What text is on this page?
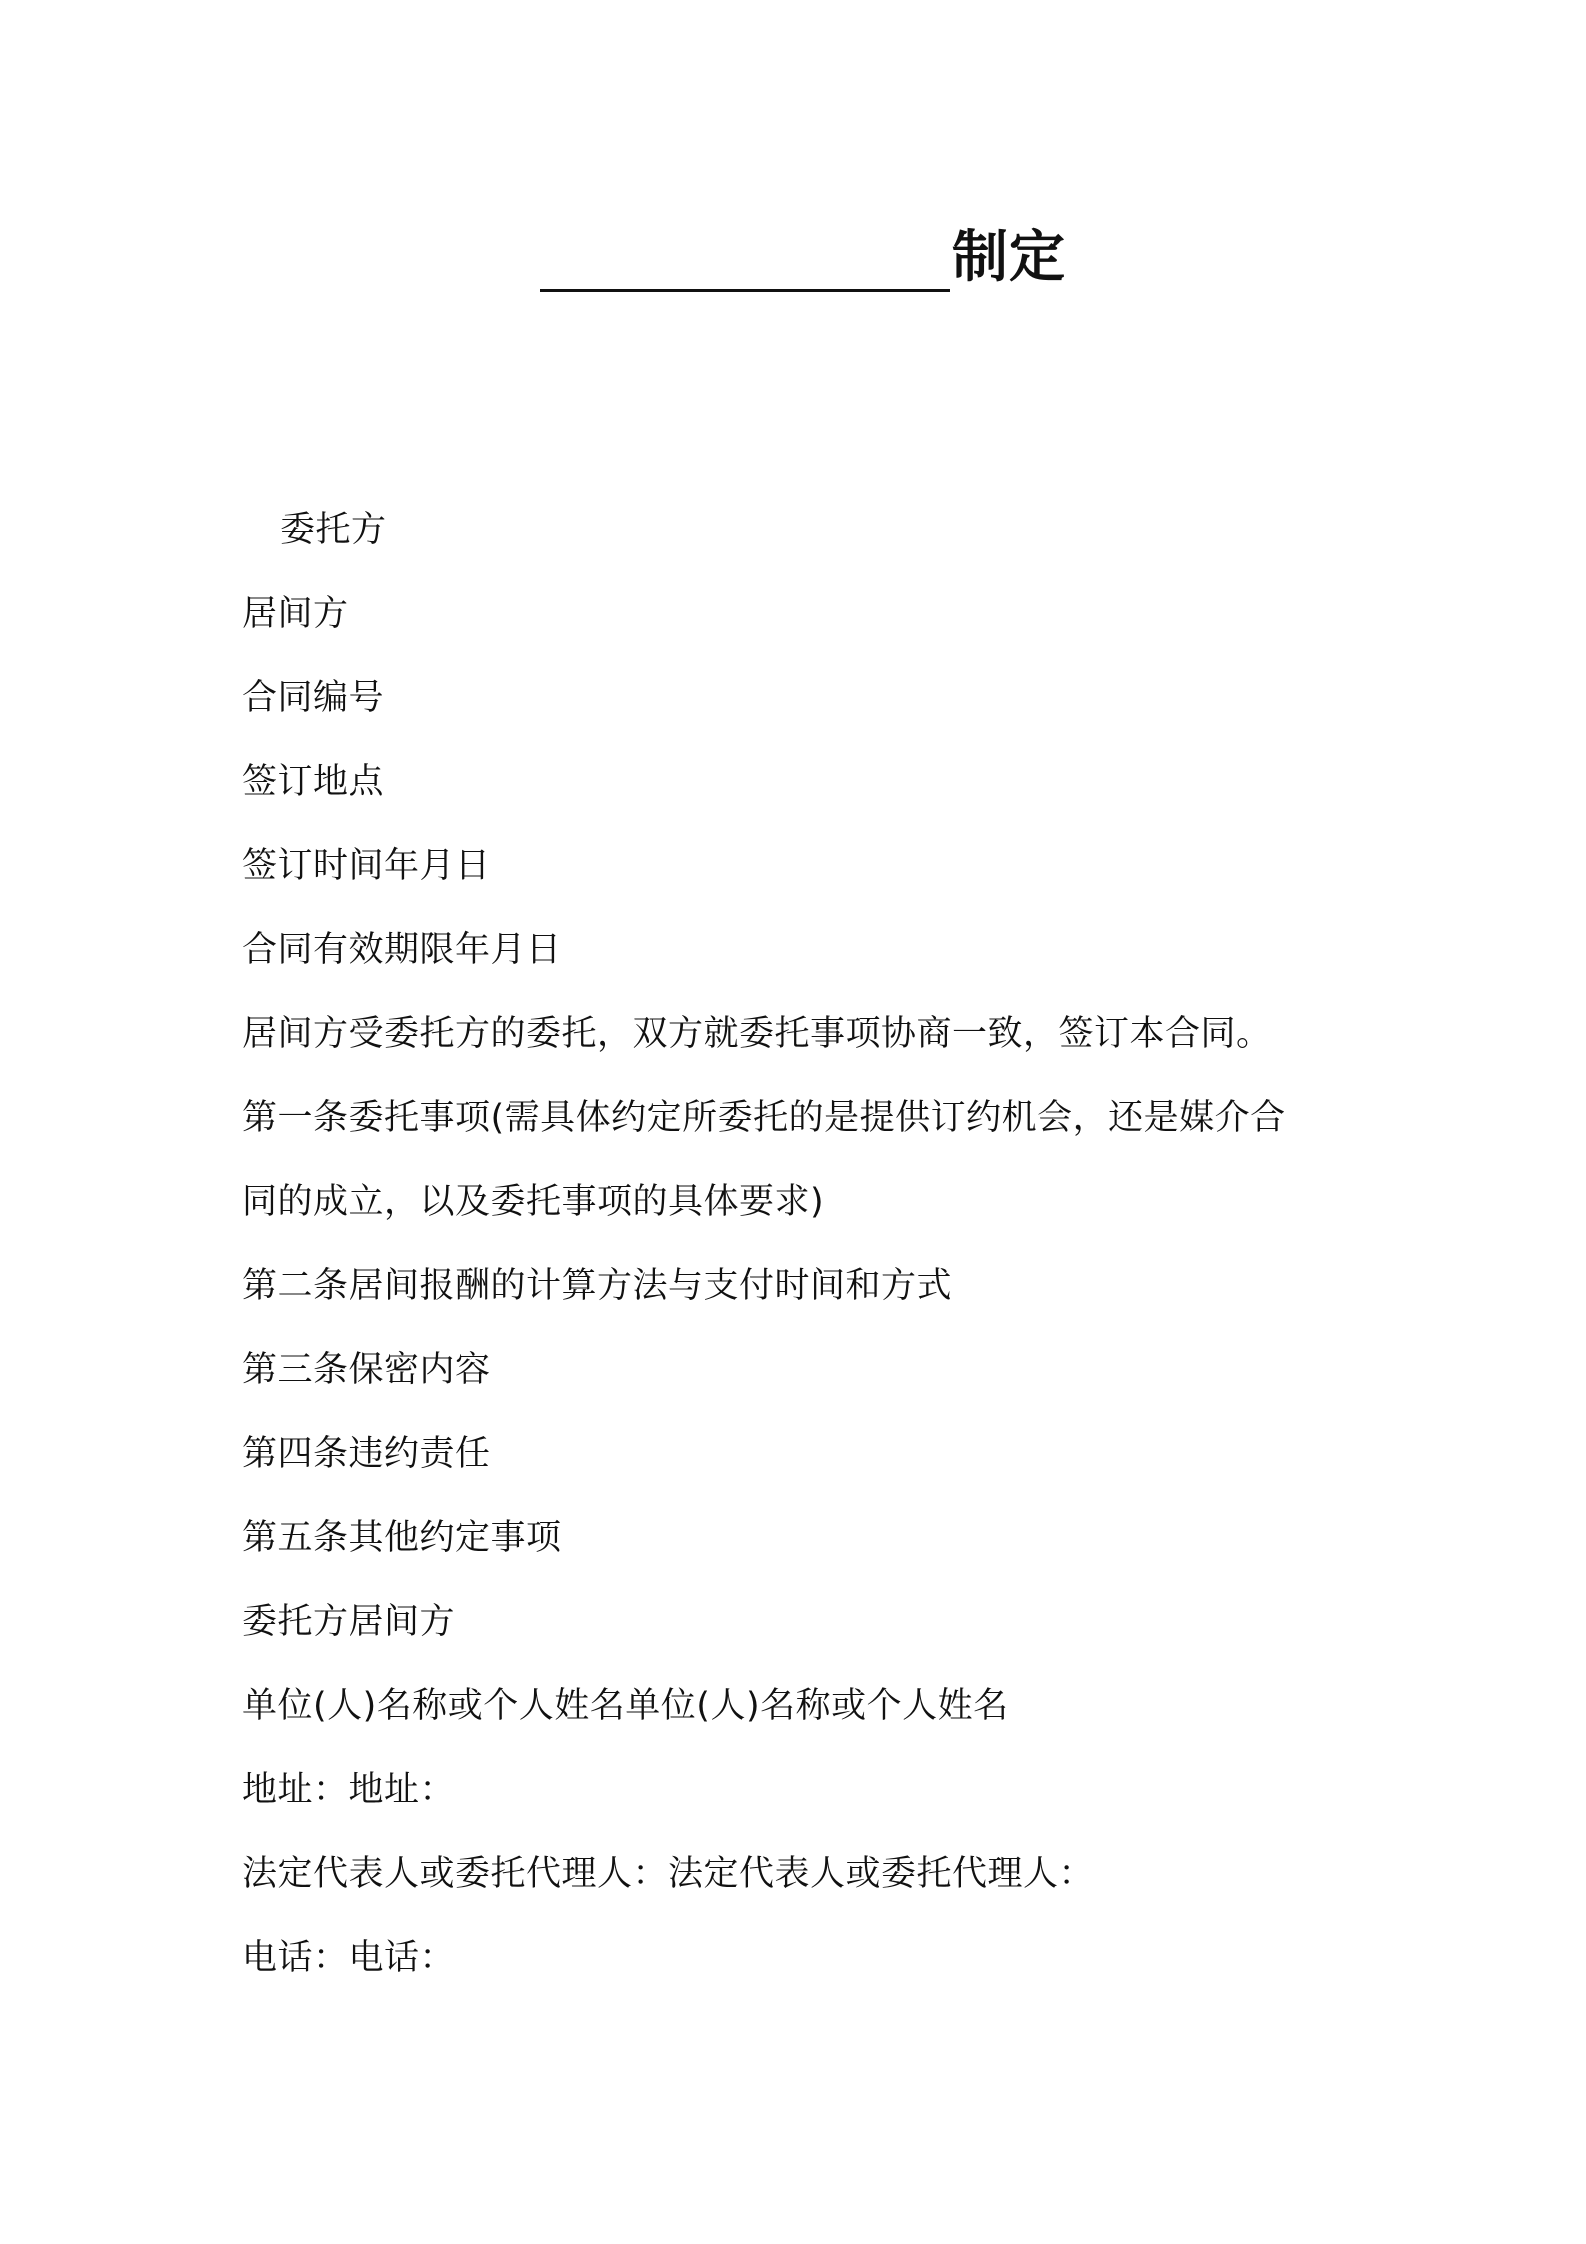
制定
委托方
居间方
合同编号
签订地点
签订时间年月日
合同有效期限年月日
居间方受委托方的委托，双方就委托事项协商一致，签订本合同。
第一条委托事项(需具体约定所委托的是提供订约机会，还是媒介合
同的成立，以及委托事项的具体要求)
第二条居间报酬的计算方法与支付时间和方式
第三条保密内容
第四条违约责任
第五条其他约定事项
委托方居间方
单位(人)名称或个人姓名单位(人)名称或个人姓名
地址：地址：
法定代表人或委托代理人：法定代表人或委托代理人：
电话：电话：
